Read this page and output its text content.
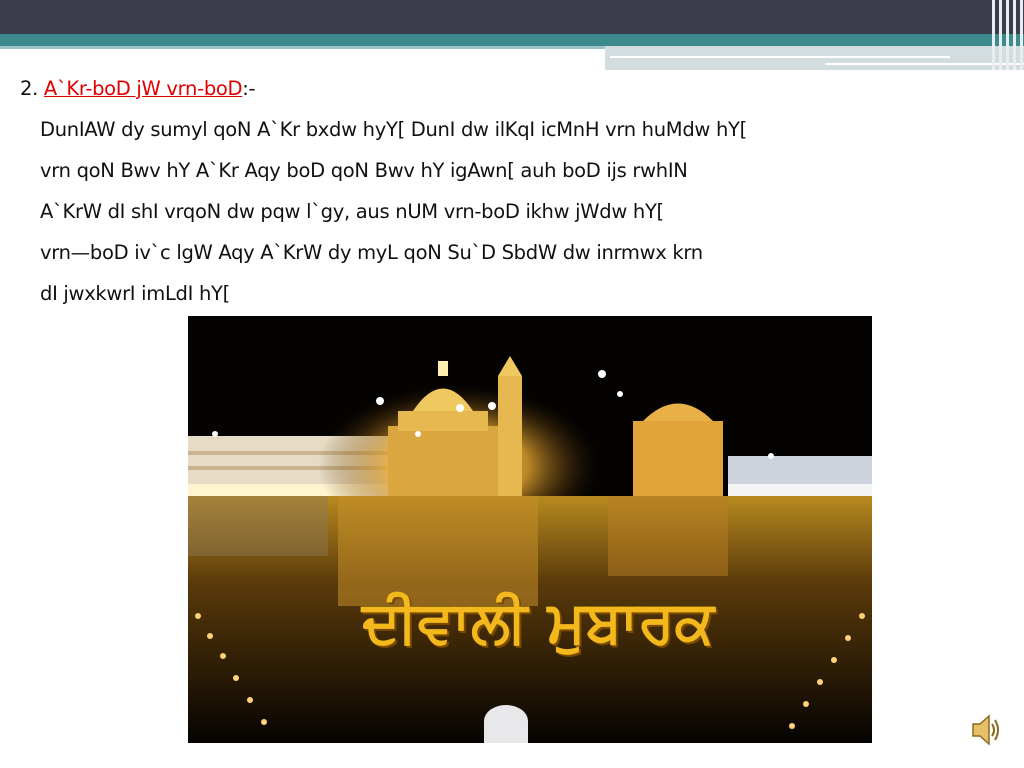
2. A`Kr-boD jW vrn-boD:-
DunIAW dy sumyl qoN A`Kr bxdw hyY[ DunI dw ilKqI icMnH vrn huMdw hY[
vrn qoN Bwv hY A`Kr Aqy boD qoN Bwv hY igAwn[ auh boD ijs rwhIN
A`KrW dI shI vrqoN dw pqw l`gy, aus nUM vrn-boD ikhw jWdw hY[
vrn—boD iv`c lgW Aqy A`KrW dy myL qoN Su`D SbdW dw inrmwx krn
dI jwxkwrI imLdI hY[
ਦੀਵਾਲੀ ਮੁਬਾਰਕ
